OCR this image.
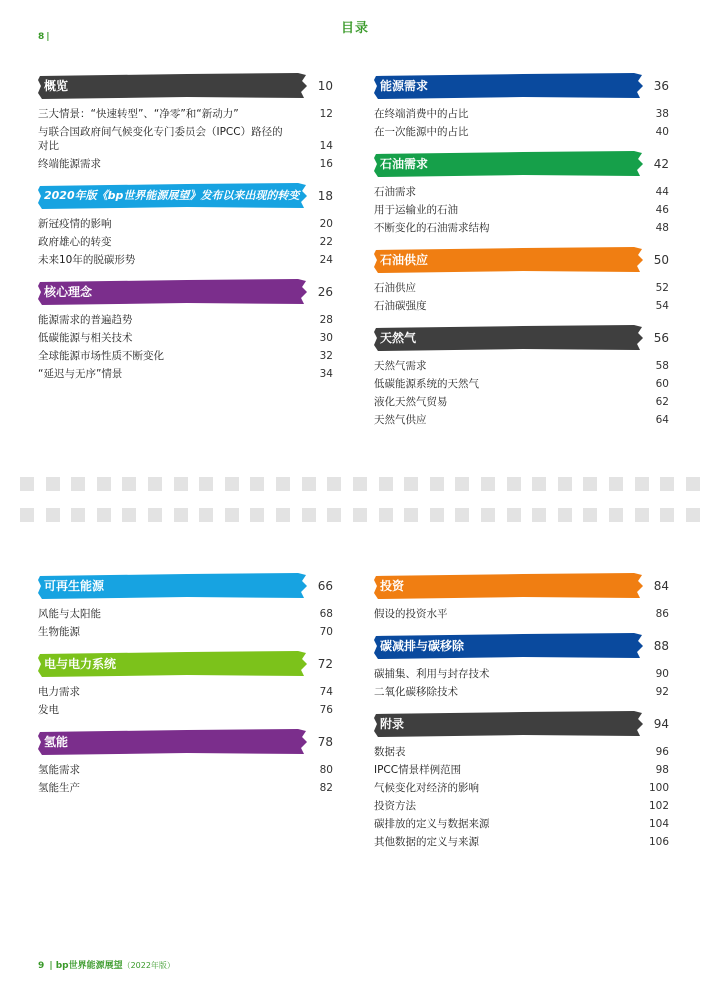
8 |
目录
概览	10
三大情景：“快速转型”、“净零”和“新动力”	12
与联合国政府间气候变化专门委员会（IPCC）路径的对比	14
终端能源需求	16
2020年版《bp世界能源展望》发布以来出现的转变 18
新冠疫情的影响	20
政府雄心的转变	22
未来10年的脱碳形势	24
核心理念	26
能源需求的普遍趋势	28
低碳能源与相关技术	30
全球能源市场性质不断变化	32
“延迟与无序”情景	34
能源需求	36
在终端消费中的占比	38
在一次能源中的占比	40
石油需求	42
石油需求	44
用于运输业的石油	46
不断变化的石油需求结构	48
石油供应	50
石油供应	52
石油碳强度	54
天然气	56
天然气需求	58
低碳能源系统的天然气	60
液化天然气贸易	62
天然气供应	64
可再生能源	66
风能与太阳能	68
生物能源	70
电与电力系统	72
电力需求	74
发电	76
氢能	78
氢能需求	80
氢能生产	82
投资	84
假设的投资水平	86
碳减排与碳移除	88
碳捕集、利用与封存技术	90
二氧化碳移除技术	92
附录	94
数据表	96
IPCC情景样例范围	98
气候变化对经济的影响	100
投资方法	102
碳排放的定义与数据来源	104
其他数据的定义与来源	106
9 | bp世界能源展望（2022年版）
